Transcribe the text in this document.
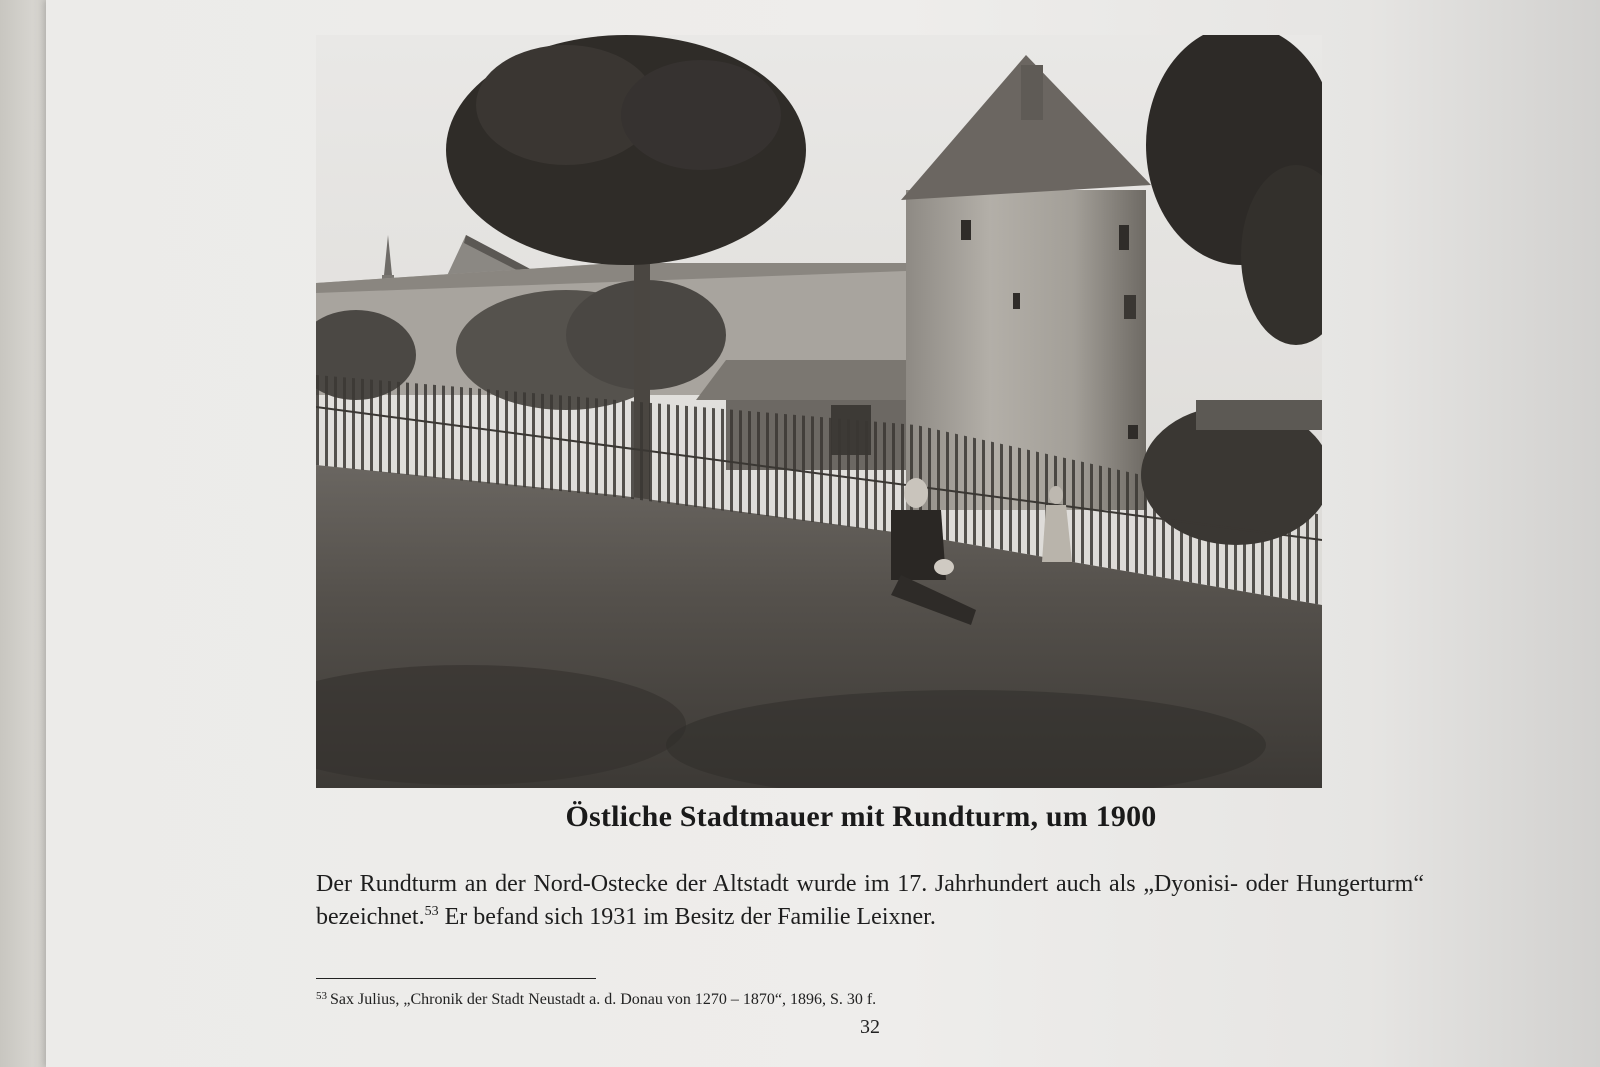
Östliche Stadtmauer mit Rundturm, um 1900
Der Rundturm an der Nord-Ostecke der Altstadt wurde im 17. Jahrhundert auch als „Dyonisi- oder Hungerturm“ bezeichnet.$^{53}$ Er befand sich 1931 im Besitz der Familie Leixner.
$^{53}$ Sax Julius, „Chronik der Stadt Neustadt a. d. Donau von 1270 – 1870“, 1896, S. 30 f.
32
